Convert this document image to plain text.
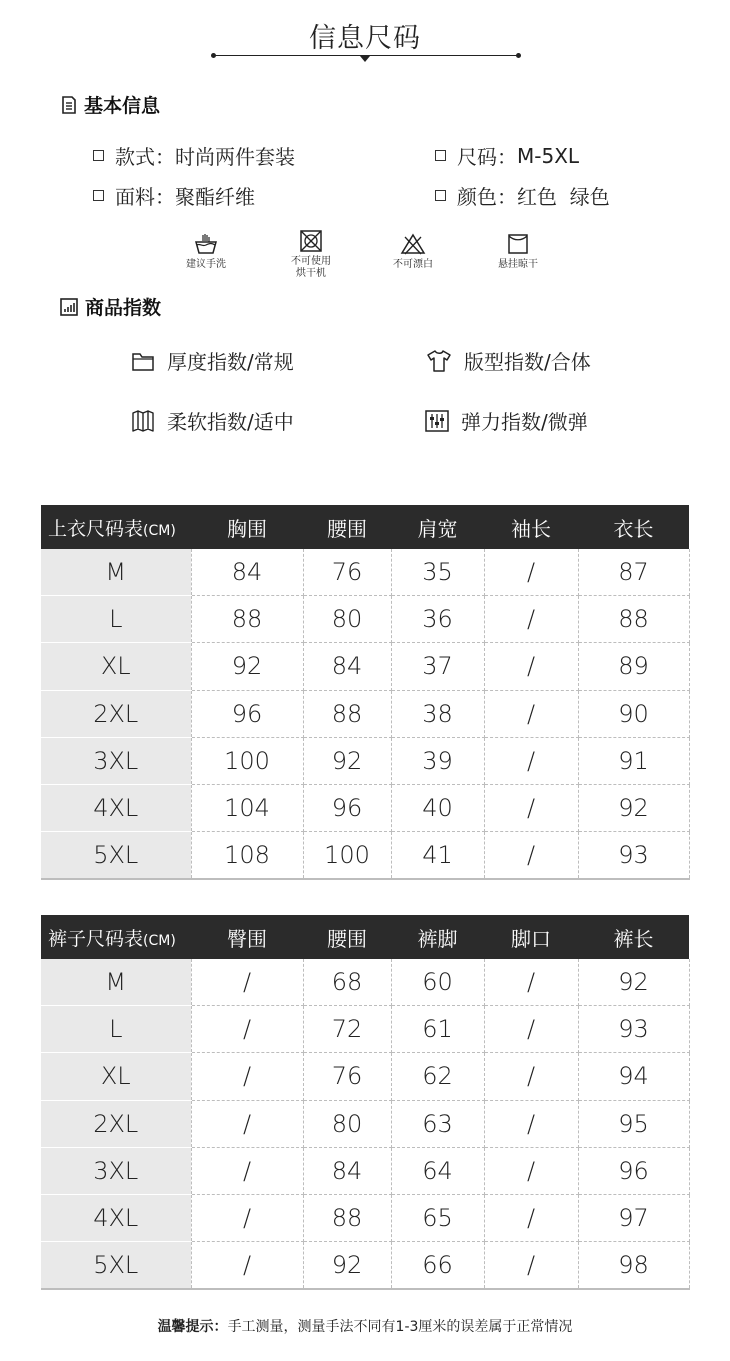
信息尺码
基本信息
款式： 时尚两件套装	尺码： M-5XL
面料： 聚酯纤维	颜色： 红色  绿色
建议手洗	不可使用
烘干机
不可漂白	悬挂晾干
商品指数
厚度指数/常规	版型指数/合体
柔软指数/适中	弹力指数/微弹
上衣尺码表(CM)	胸围	腰围	肩宽	袖长	衣长
M	84	76	35	/	87
L	88	80	36	/	88
XL	92	84	37	/	89
2XL	96	88	38	/	90
3XL	100	92	39	/	91
4XL	104	96	40	/	92
5XL	108	100	41	/	93
裤子尺码表(CM)	臀围	腰围	裤脚	脚口	裤长
M	/	68	60	/	92
L	/	72	61	/	93
XL	/	76	62	/	94
2XL	/	80	63	/	95
3XL	/	84	64	/	96
4XL	/	88	65	/	97
5XL	/	92	66	/	98
温馨提示：手工测量，测量手法不同有1-3厘米的误差属于正常情况
